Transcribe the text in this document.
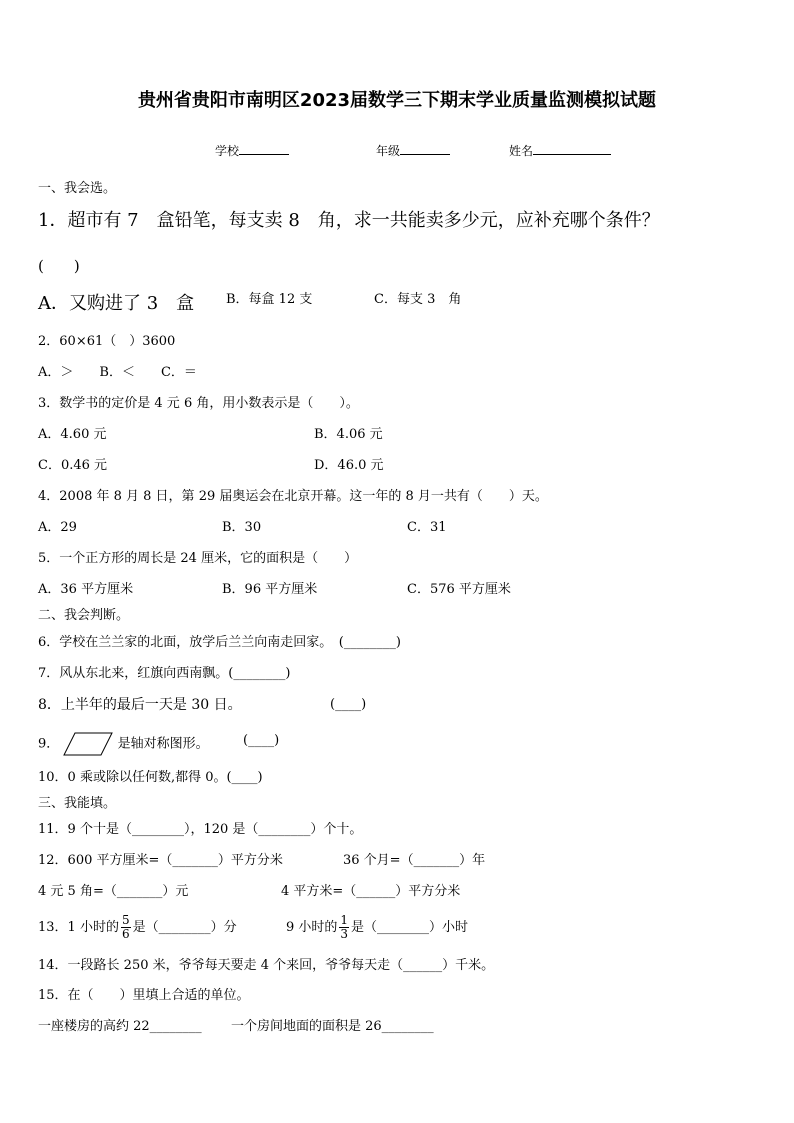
贵州省贵阳市南明区2023届数学三下期末学业质量监测模拟试题
学校	年级	姓名
一、我会选。
1．超市有 7　盒铅笔，每支卖 8　角，求一共能卖多少元，应补充哪个条件？
(　　)
A．又购进了 3　盒 B．每盒 12 支	C．每支 3　角
2．60×61（　）3600
A．＞　　B．＜　　C．＝
3．数学书的定价是 4 元 6 角，用小数表示是（　　）。
A．4.60 元	B．4.06 元
C．0.46 元	D．46.0 元
4．2008 年 8 月 8 日，第 29 届奥运会在北京开幕。这一年的 8 月一共有（　　）天。
A．29	B．30	C．31
5．一个正方形的周长是 24 厘米，它的面积是（　　）
A．36 平方厘米	B．96 平方厘米	C．576 平方厘米
二、我会判断。
6．学校在兰兰家的北面，放学后兰兰向南走回家。　(________)
7．风从东北来，红旗向西南飘。(________)
8．上半年的最后一天是 30 日。	(____)
9．	是轴对称图形。	(____)
10．0 乘或除以任何数,都得 0。(____)
三、我能填。
11．9 个十是（________），120 是（________）个十。
12．600 平方厘米=（_______）平方分米	36 个月=（_______）年
4 元 5 角=（_______）元	4 平方米=（______）平方分米
13．1 小时的 $\frac{5}{6}$ 是（________）分	9 小时的 $\frac{1}{3}$ 是（________）小时
14．一段路长 250 米，爷爷每天要走 4 个来回，爷爷每天走（______）千米。
15．在（　　）里填上合适的单位。
一座楼房的高约 22________ 一个房间地面的面积是 26________
